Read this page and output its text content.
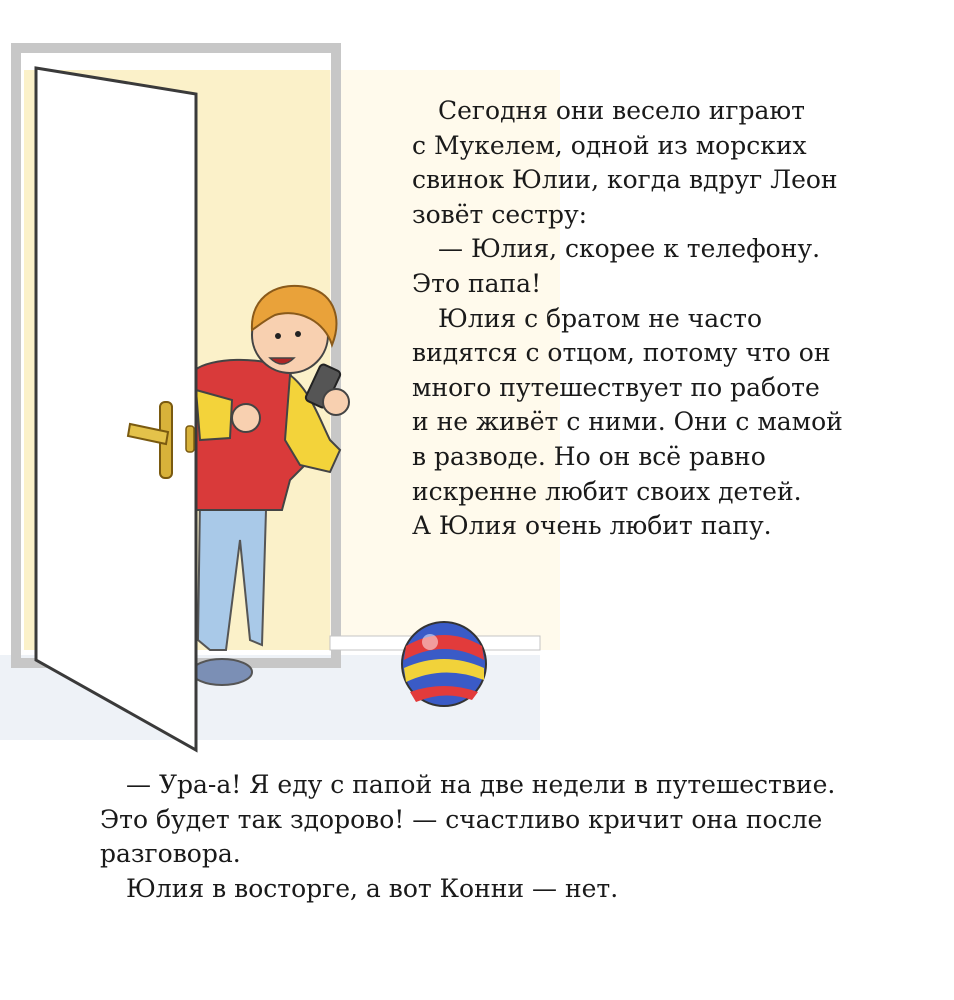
Сегодня они весело играют
с Мукелем, одной из морских
свинок Юлии, когда вдруг Леон
зовёт сестру:
— Юлия, скорее к телефону.
Это папа!
Юлия с братом не часто
видятся с отцом, потому что он
много путешествует по работе
и не живёт с ними. Они с мамой
в разводе. Но он всё равно
искренне любит своих детей.
А Юлия очень любит папу.
— Ура-а! Я еду с папой на две недели в путешествие.
Это будет так здорово! — счастливо кричит она после
разговора.
Юлия в восторге, а вот Конни — нет.
